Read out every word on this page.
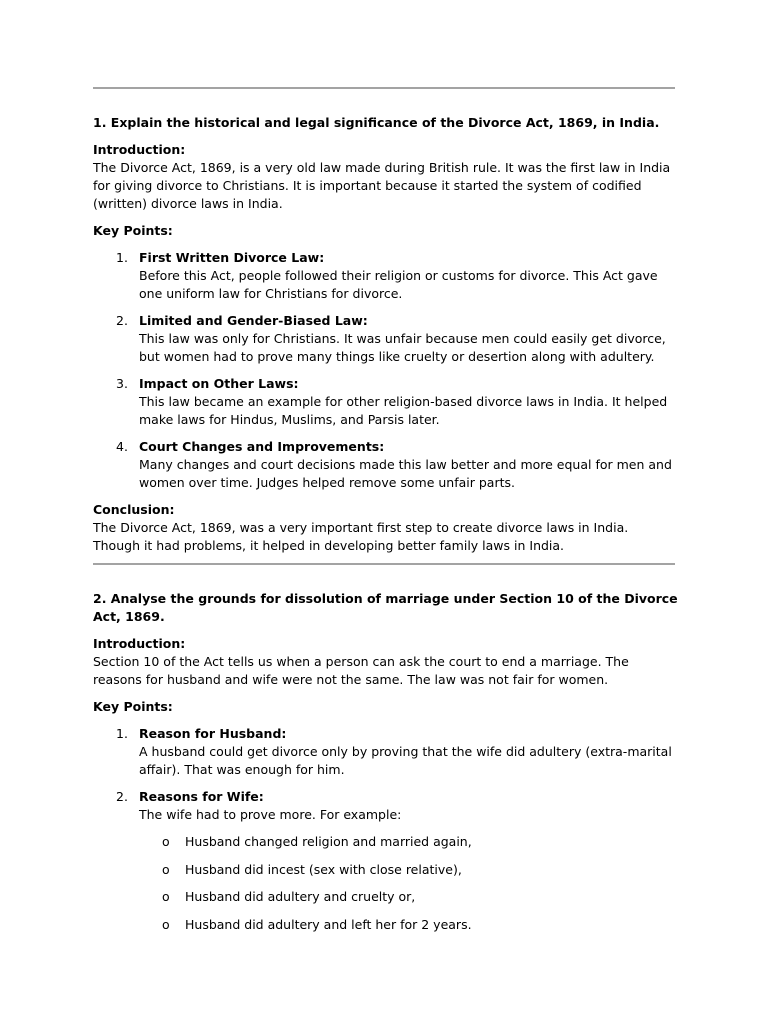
1. Explain the historical and legal significance of the Divorce Act, 1869, in India.

Introduction:

The Divorce Act, 1869, is a very old law made during British rule. It was the first law in India for giving divorce to Christians. It is important because it started the system of codified (written) divorce laws in India.

Key Points:

1. First Written Divorce Law:
Before this Act, people followed their religion or customs for divorce. This Act gave one uniform law for Christians for divorce.
2. Limited and Gender-Biased Law:
This law was only for Christians. It was unfair because men could easily get divorce, but women had to prove many things like cruelty or desertion along with adultery.
3. Impact on Other Laws:
This law became an example for other religion-based divorce laws in India. It helped make laws for Hindus, Muslims, and Parsis later.
4. Court Changes and Improvements:
Many changes and court decisions made this law better and more equal for men and women over time. Judges helped remove some unfair parts.

Conclusion:

The Divorce Act, 1869, was a very important first step to create divorce laws in India. Though it had problems, it helped in developing better family laws in India.

2. Analyse the grounds for dissolution of marriage under Section 10 of the Divorce Act, 1869.

Introduction:

Section 10 of the Act tells us when a person can ask the court to end a marriage. The reasons for husband and wife were not the same. The law was not fair for women.

Key Points:

1. Reason for Husband:
A husband could get divorce only by proving that the wife did adultery (extra-marital affair). That was enough for him.
2. Reasons for Wife:
The wife had to prove more. For example:
o Husband changed religion and married again,
o Husband did incest (sex with close relative),
o Husband did adultery and cruelty or,
o Husband did adultery and left her for 2 years.
